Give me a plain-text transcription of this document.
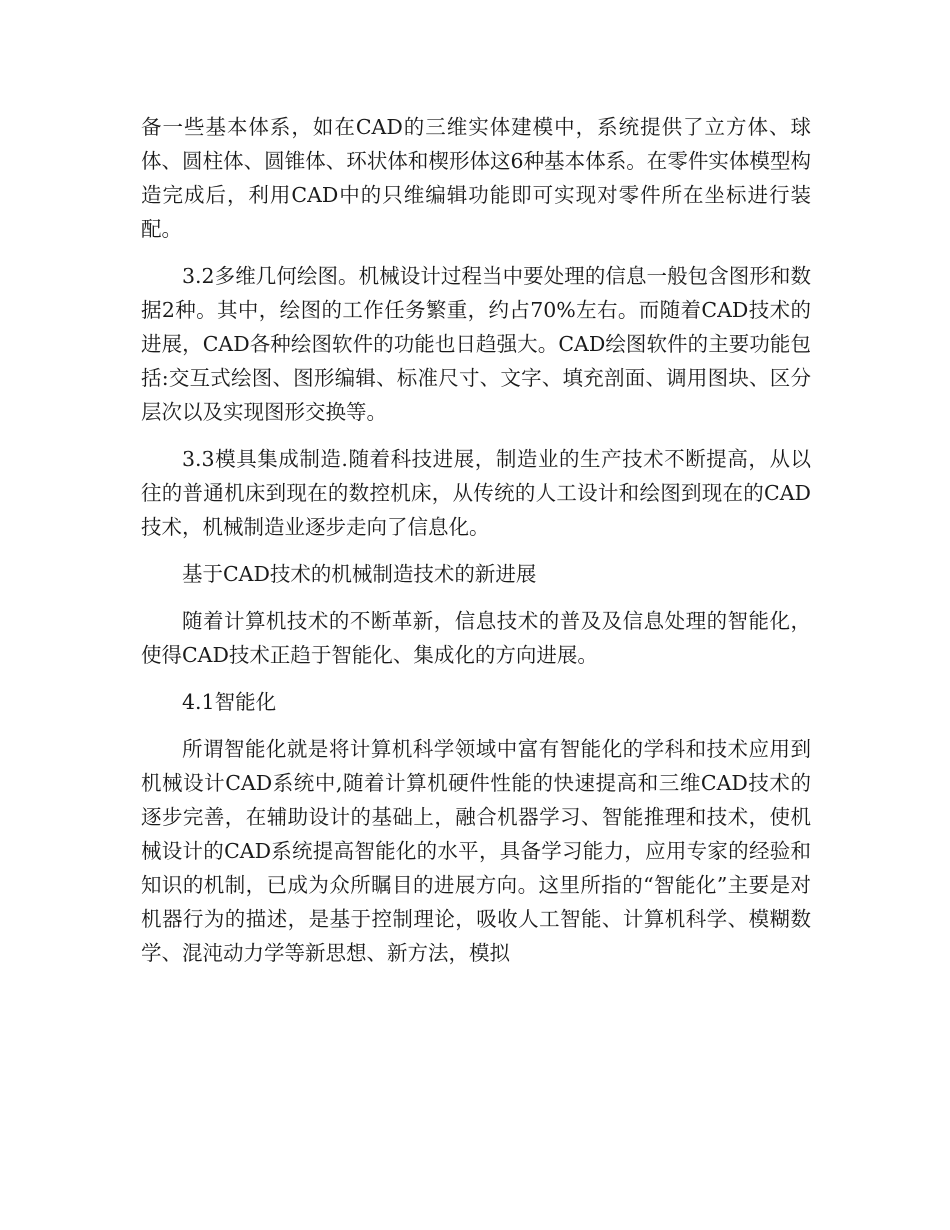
备一些基本体系，如在CAD的三维实体建模中，系统提供了立方体、球体、圆柱体、圆锥体、环状体和楔形体这6种基本体系。在零件实体模型构造完成后，利用CAD中的只维编辑功能即可实现对零件所在坐标进行装配。

3.2多维几何绘图。机械设计过程当中要处理的信息一般包含图形和数据2种。其中，绘图的工作任务繁重，约占70%左右。而随着CAD技术的进展，CAD各种绘图软件的功能也日趋强大。CAD绘图软件的主要功能包括:交互式绘图、图形编辑、标准尺寸、文字、填充剖面、调用图块、区分层次以及实现图形交换等。

3.3模具集成制造.随着科技进展，制造业的生产技术不断提高，从以往的普通机床到现在的数控机床，从传统的人工设计和绘图到现在的CAD技术，机械制造业逐步走向了信息化。

基于CAD技术的机械制造技术的新进展

随着计算机技术的不断革新，信息技术的普及及信息处理的智能化，使得CAD技术正趋于智能化、集成化的方向进展。

4.1智能化

所谓智能化就是将计算机科学领域中富有智能化的学科和技术应用到机械设计CAD系统中,随着计算机硬件性能的快速提高和三维CAD技术的逐步完善，在辅助设计的基础上，融合机器学习、智能推理和技术，使机械设计的CAD系统提高智能化的水平，具备学习能力，应用专家的经验和知识的机制，已成为众所瞩目的进展方向。这里所指的“智能化”主要是对机器行为的描述，是基于控制理论，吸收人工智能、计算机科学、模糊数学、混沌动力学等新思想、新方法，模拟
